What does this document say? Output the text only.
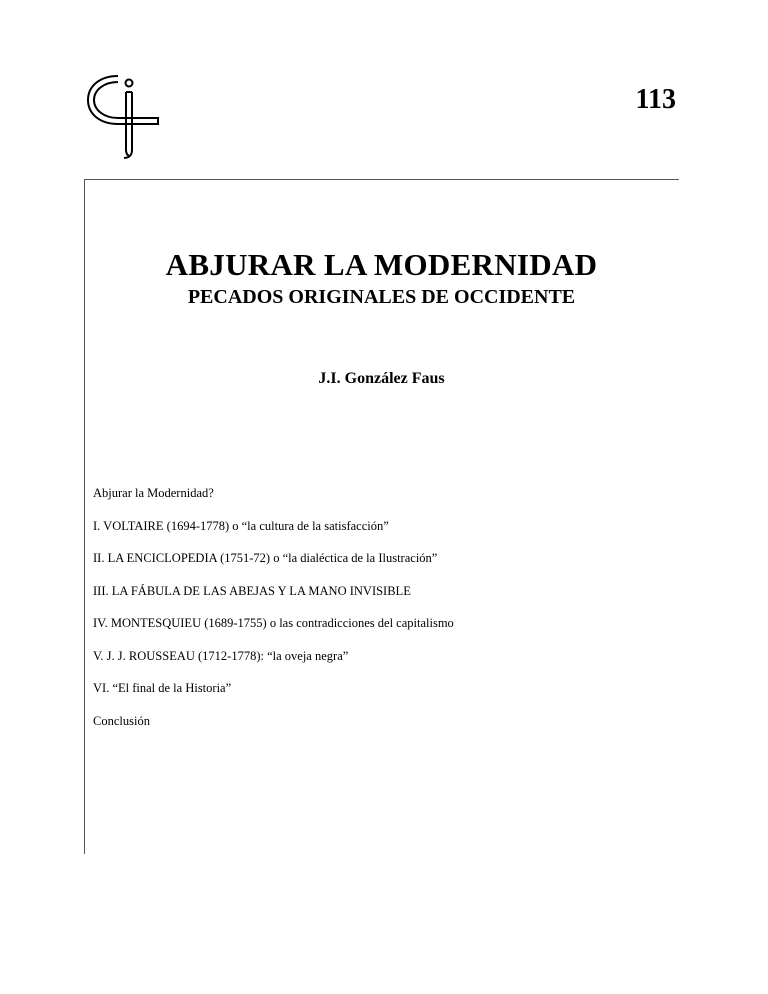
113

ABJURAR LA MODERNIDAD
PECADOS ORIGINALES DE OCCIDENTE

J.I. González Faus

Abjurar la Modernidad?
I. VOLTAIRE (1694-1778) o “la cultura de la satisfacción”
II. LA ENCICLOPEDIA (1751-72) o “la dialéctica de la Ilustración”
III. LA FÁBULA DE LAS ABEJAS Y LA MANO INVISIBLE
IV. MONTESQUIEU (1689-1755) o las contradicciones del capitalismo
V. J. J. ROUSSEAU (1712-1778): “la oveja negra”
VI. “El final de la Historia”
Conclusión
